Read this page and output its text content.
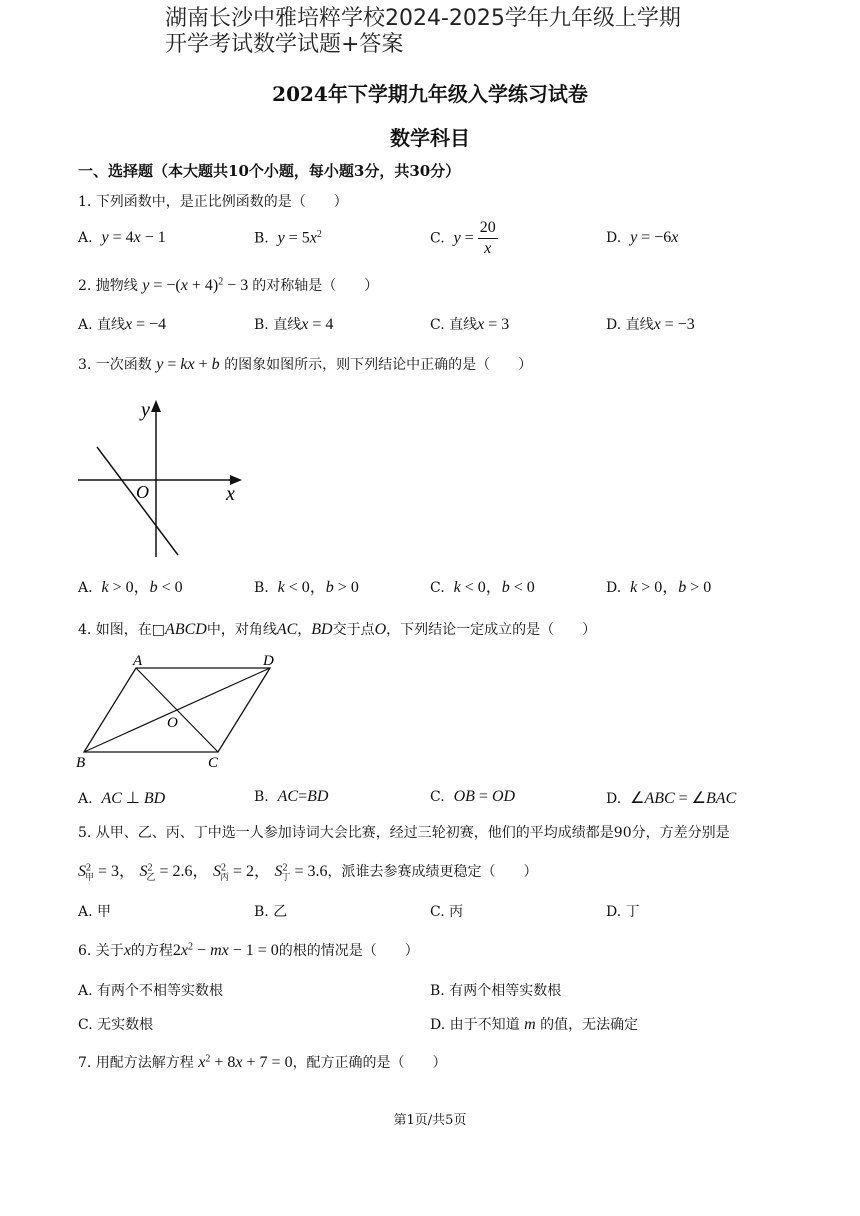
湖南长沙中雅培粹学校2024-2025学年九年级上学期
开学考试数学试题+答案
2024年下学期九年级入学练习试卷
数学科目
一、选择题（本大题共10个小题，每小题3分，共30分）
1. 下列函数中，是正比例函数的是（　　）
A. y = 4x − 1	B. $y = 5x^2$	C. $y = \frac{20}{x}$	D. y = −6x
2. 抛物线 $y = -(x + 4)^2 - 3$ 的对称轴是（　　）
A. 直线x = −4	B. 直线x = 4	C. 直线x = 3	D. 直线x = −3
3. 一次函数 y = kx + b 的图象如图所示，则下列结论中正确的是（　　）
y
x
O
A. k > 0，b < 0	B. k < 0，b > 0	C. k < 0，b < 0	D. k > 0，b > 0
4. 如图，在□ABCD中，对角线AC，BD交于点O，下列结论一定成立的是（　　）
A	D
B	C
O
A. AC ⊥ BD	B. AC=BD	C. OB = OD	D. ∠ABC = ∠BAC
5. 从甲、乙、丙、丁中选一人参加诗词大会比赛，经过三轮初赛，他们的平均成绩都是90分，方差分别是
$S^2_甲 = 3$， $S^2_乙 = 2.6$， $S^2_丙 = 2$， $S^2_丁 = 3.6$，派谁去参赛成绩更稳定（　　）
A. 甲	B. 乙	C. 丙	D. 丁
6. 关于x的方程$2x^2$ − mx − 1 = 0的根的情况是（　　）
A. 有两个不相等实数根	B. 有两个相等实数根
C. 无实数根	D. 由于不知道 m 的值，无法确定
7. 用配方法解方程 $x^2 + 8x + 7 = 0$，配方正确的是（　　）
第1页/共5页
